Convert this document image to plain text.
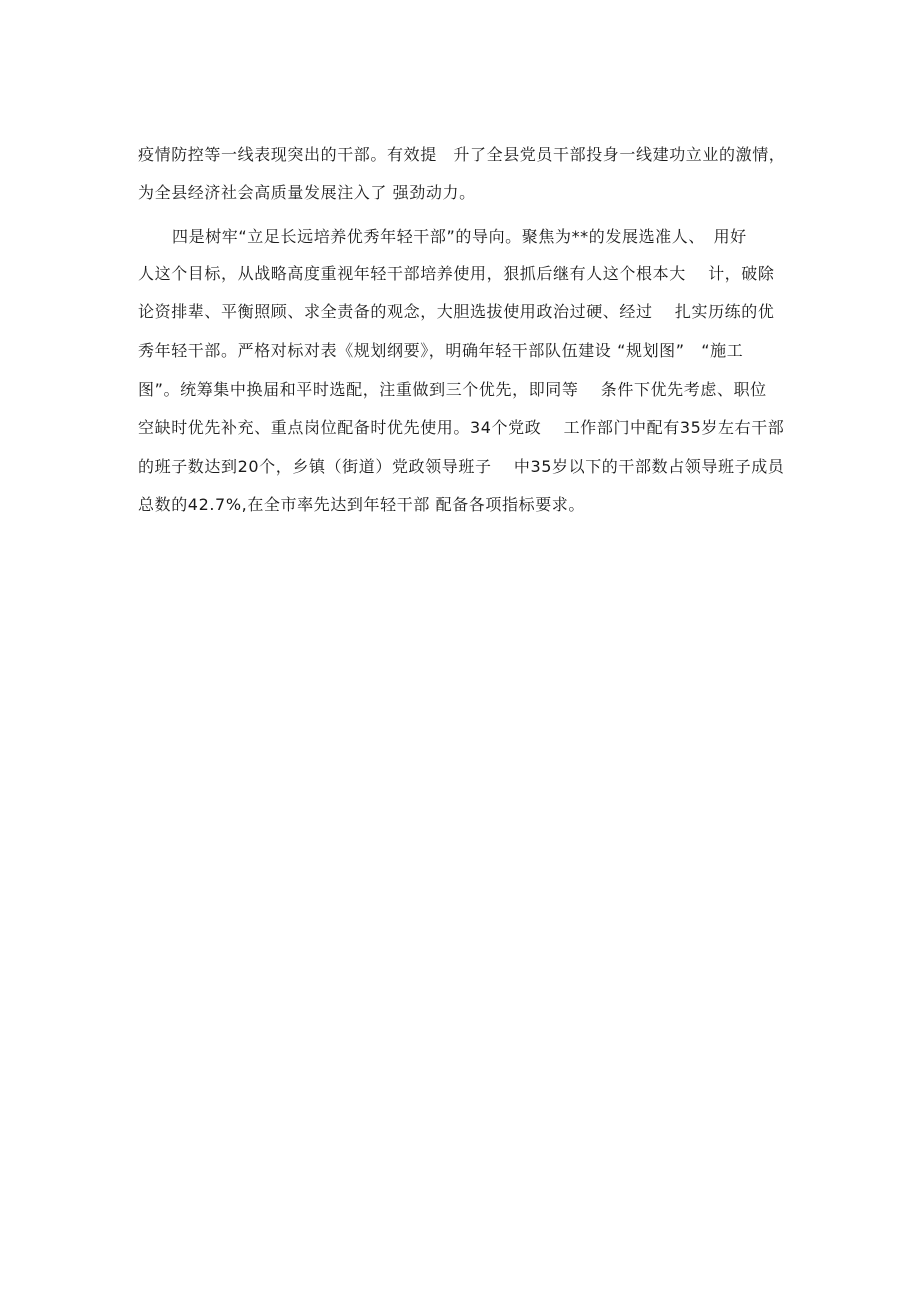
疫情防控等一线表现突出的干部。有效提　升了全县党员干部投身一线建功立业的激情，

为全县经济社会高质量发展注入了 强劲动力。

四是树牢“立足长远培养优秀年轻干部”的导向。聚焦为**的发展选准人、　用好

人这个目标，从战略高度重视年轻干部培养使用，狠抓后继有人这个根本大　 计，破除

论资排辈、平衡照顾、求全责备的观念，大胆选拔使用政治过硬、经过　 扎实历练的优

秀年轻干部。严格对标对表《规划纲要》，明确年轻干部队伍建设 “规划图”　“施工

图”。统筹集中换届和平时选配，注重做到三个优先，即同等　 条件下优先考虑、职位

空缺时优先补充、重点岗位配备时优先使用。34个党政　 工作部门中配有35岁左右干部

的班子数达到20个，乡镇（街道）党政领导班子　 中35岁以下的干部数占领导班子成员

总数的42.7%,在全市率先达到年轻干部 配备各项指标要求。
